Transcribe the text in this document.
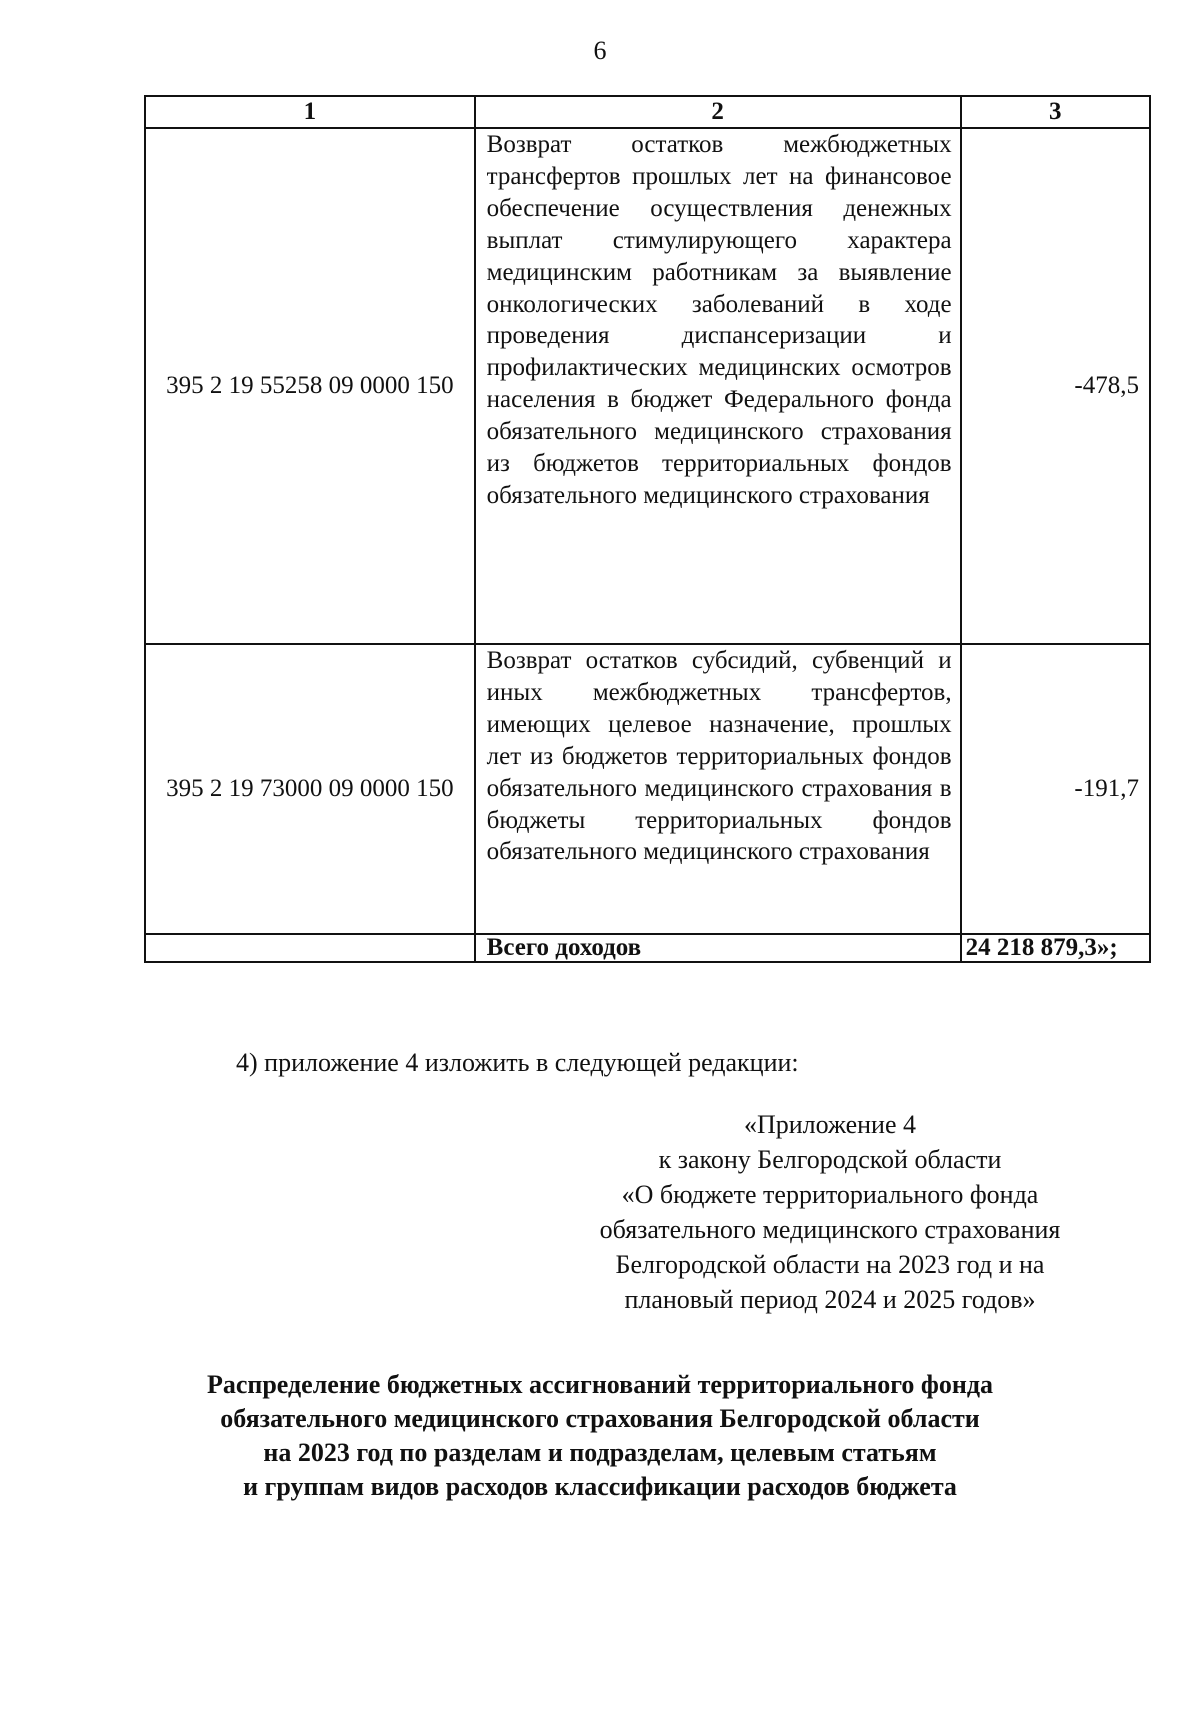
6
1	2	3
395 2 19 55258 09 0000 150	Возврат остатков межбюджетных трансфертов прошлых лет на финансовое обеспечение осуществления денежных выплат стимулирующего характера медицинским работникам за выявление онкологических заболеваний в ходе проведения диспансеризации и профилактических медицинских осмотров населения в бюджет Федерального фонда обязательного медицинского страхования из бюджетов территориальных фондов обязательного медицинского страхования	-478,5
395 2 19 73000 09 0000 150	Возврат остатков субсидий, субвенций и иных межбюджетных трансфертов, имеющих целевое назначение, прошлых лет из бюджетов территориальных фондов обязательного медицинского страхования в бюджеты территориальных фондов обязательного медицинского страхования	-191,7
	Всего доходов	24 218 879,3»;
4) приложение 4 изложить в следующей редакции:
«Приложение 4
к закону Белгородской области
«О бюджете территориального фонда
обязательного медицинского страхования
Белгородской области на 2023 год и на
плановый период 2024 и 2025 годов»
Распределение бюджетных ассигнований территориального фонда
обязательного медицинского страхования Белгородской области
на 2023 год по разделам и подразделам, целевым статьям
и группам видов расходов классификации расходов бюджета
